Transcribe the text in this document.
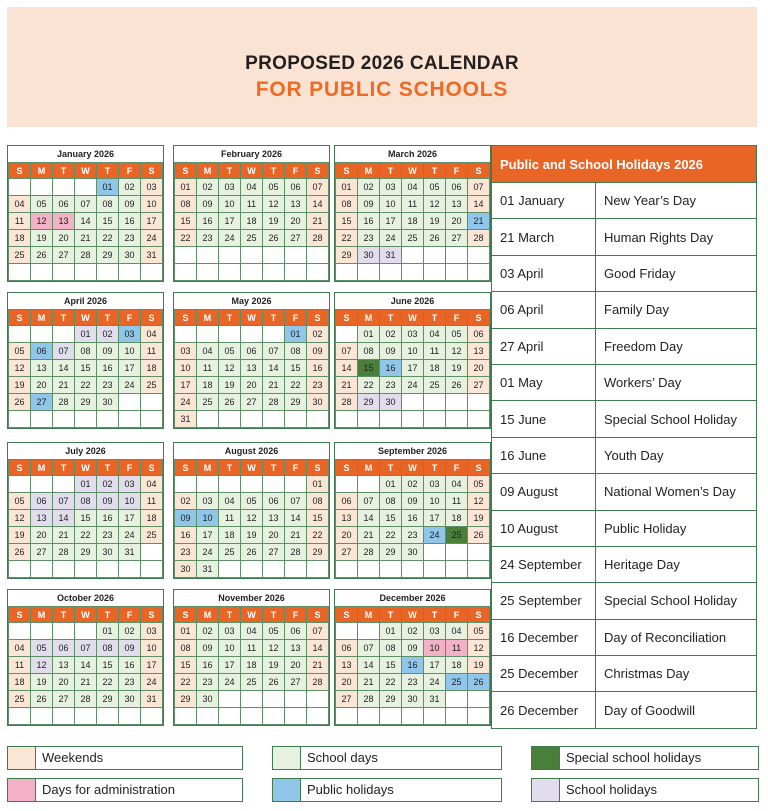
PROPOSED 2026 CALENDAR
FOR PUBLIC SCHOOLS
January 2026
S	M	T	W	T	F	S
				01	02	03
04	05	06	07	08	09	10
11	12	13	14	15	16	17
18	19	20	21	22	23	24
25	26	27	28	29	30	31

February 2026
S	M	T	W	T	F	S
01	02	03	04	05	06	07
08	09	10	11	12	13	14
15	16	17	18	19	20	21
22	23	24	25	26	27	28

March 2026
S	M	T	W	T	F	S
01	02	03	04	05	06	07
08	09	10	11	12	13	14
15	16	17	18	19	20	21
22	23	24	25	26	27	28
29	30	31				

April 2026
S	M	T	W	T	F	S
			01	02	03	04
05	06	07	08	09	10	11
12	13	14	15	16	17	18
19	20	21	22	23	24	25
26	27	28	29	30		

May 2026
S	M	T	W	T	F	S
					01	02
03	04	05	06	07	08	09
10	11	12	13	14	15	16
17	18	19	20	21	22	23
24	25	26	27	28	29	30
31						
June 2026
S	M	T	W	T	F	S
	01	02	03	04	05	06
07	08	09	10	11	12	13
14	15	16	17	18	19	20
21	22	23	24	25	26	27
28	29	30				

July 2026
S	M	T	W	T	F	S
			01	02	03	04
05	06	07	08	09	10	11
12	13	14	15	16	17	18
19	20	21	22	23	24	25
26	27	28	29	30	31	

August 2026
S	M	T	W	T	F	S
						01
02	03	04	05	06	07	08
09	10	11	12	13	14	15
16	17	18	19	20	21	22
23	24	25	26	27	28	29
30	31					
September 2026
S	M	T	W	T	F	S
		01	02	03	04	05
06	07	08	09	10	11	12
13	14	15	16	17	18	19
20	21	22	23	24	25	26
27	28	29	30			

October 2026
S	M	T	W	T	F	S
				01	02	03
04	05	06	07	08	09	10
11	12	13	14	15	16	17
18	19	20	21	22	23	24
25	26	27	28	29	30	31

November 2026
S	M	T	W	T	F	S
01	02	03	04	05	06	07
08	09	10	11	12	13	14
15	16	17	18	19	20	21
22	23	24	25	26	27	28
29	30					

December 2026
S	M	T	W	T	F	S
		01	02	03	04	05
06	07	08	09	10	11	12
13	14	15	16	17	18	19
20	21	22	23	24	25	26
27	28	29	30	31		

Public and School Holidays 2026	
01 January	New Year’s Day
21 March	Human Rights Day
03 April	Good Friday
06 April	Family Day
27 April	Freedom Day
01 May	Workers’ Day
15 June	Special School Holiday
16 June	Youth Day
09 August	National Women’s Day
10 August	Public Holiday
24 September	Heritage Day
25 September	Special School Holiday
16 December	Day of Reconciliation
25 December	Christmas Day
26 December	Day of Goodwill
Weekends	School days	Special school holidays
Days for administration	Public holidays	School holidays
